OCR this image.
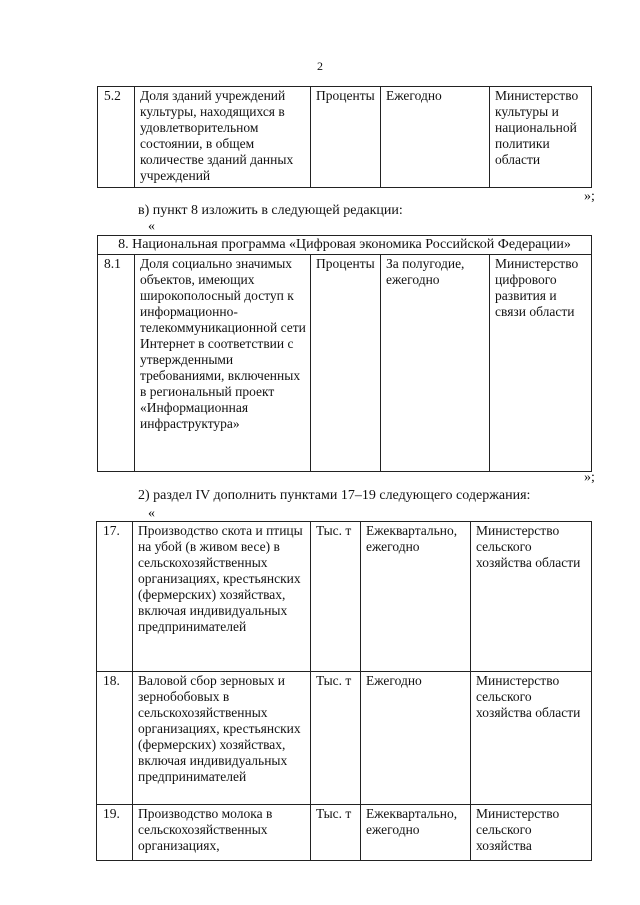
2
5.2	Доля зданий учреждений культуры, находящихся в удовлетворительном состоянии, в общем количестве зданий данных учреждений	Проценты	Ежегодно	Министерство культуры и национальной политики области
»;
в) пункт 8 изложить в следующей редакции:
«
8. Национальная программа «Цифровая экономика Российской Федерации»
8.1	Доля социально значимых объектов, имеющих широкополосный доступ к информационно-телекоммуникационной сети Интернет в соответствии с утвержденными требованиями, включенных в региональный проект «Информационная инфраструктура»	Проценты	За полугодие, ежегодно	Министерство цифрового развития и связи области
»;
2) раздел IV дополнить пунктами 17–19 следующего содержания:
«
17.	Производство скота и птицы на убой (в живом весе) в сельскохозяйственных организациях, крестьянских (фермерских) хозяйствах, включая индивидуальных предпринимателей	Тыс. т	Ежеквартально, ежегодно	Министерство сельского хозяйства области
18.	Валовой сбор зерновых и зернобобовых в сельскохозяйственных организациях, крестьянских (фермерских) хозяйствах, включая индивидуальных предпринимателей	Тыс. т	Ежегодно	Министерство сельского хозяйства области
19.	Производство молока в сельскохозяйственных организациях,	Тыс. т	Ежеквартально, ежегодно	Министерство сельского хозяйства
